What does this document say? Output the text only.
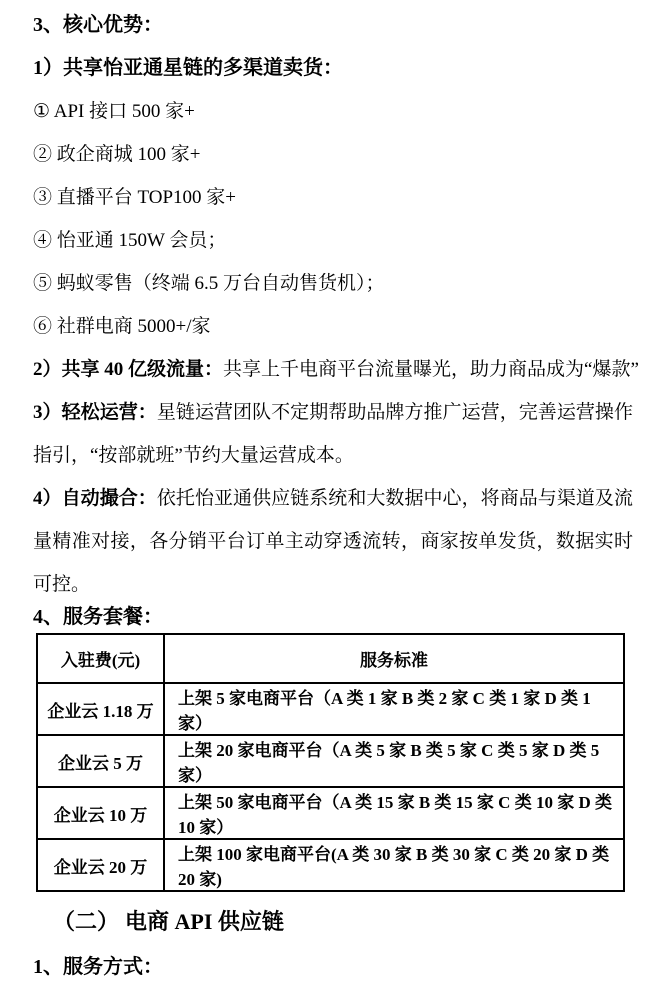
3、核心优势：

1）共享怡亚通星链的多渠道卖货：

① API 接口 500 家+

② 政企商城 100 家+

③ 直播平台 TOP100 家+

④ 怡亚通 150W 会员；

⑤ 蚂蚁零售（终端 6.5 万台自动售货机）；

⑥ 社群电商 5000+/家

2）共享 40 亿级流量：共享上千电商平台流量曝光，助力商品成为“爆款”

3）轻松运营：星链运营团队不定期帮助品牌方推广运营，完善运营操作指引，“按部就班”节约大量运营成本。

4）自动撮合：依托怡亚通供应链系统和大数据中心，将商品与渠道及流量精准对接，各分销平台订单主动穿透流转，商家按单发货，数据实时可控。

4、服务套餐：

入驻费(元)	服务标准
企业云 1.18 万	上架 5 家电商平台（A 类 1 家 B 类 2 家 C 类 1 家 D 类 1 家）
企业云 5 万	上架 20 家电商平台（A 类 5 家 B 类 5 家 C 类 5 家 D 类 5 家）
企业云 10 万	上架 50 家电商平台（A 类 15 家 B 类 15 家 C 类 10 家 D 类 10 家）
企业云 20 万	上架 100 家电商平台(A 类 30 家 B 类 30 家 C 类 20 家 D 类 20 家)

（二） 电商 API 供应链

1、服务方式：
